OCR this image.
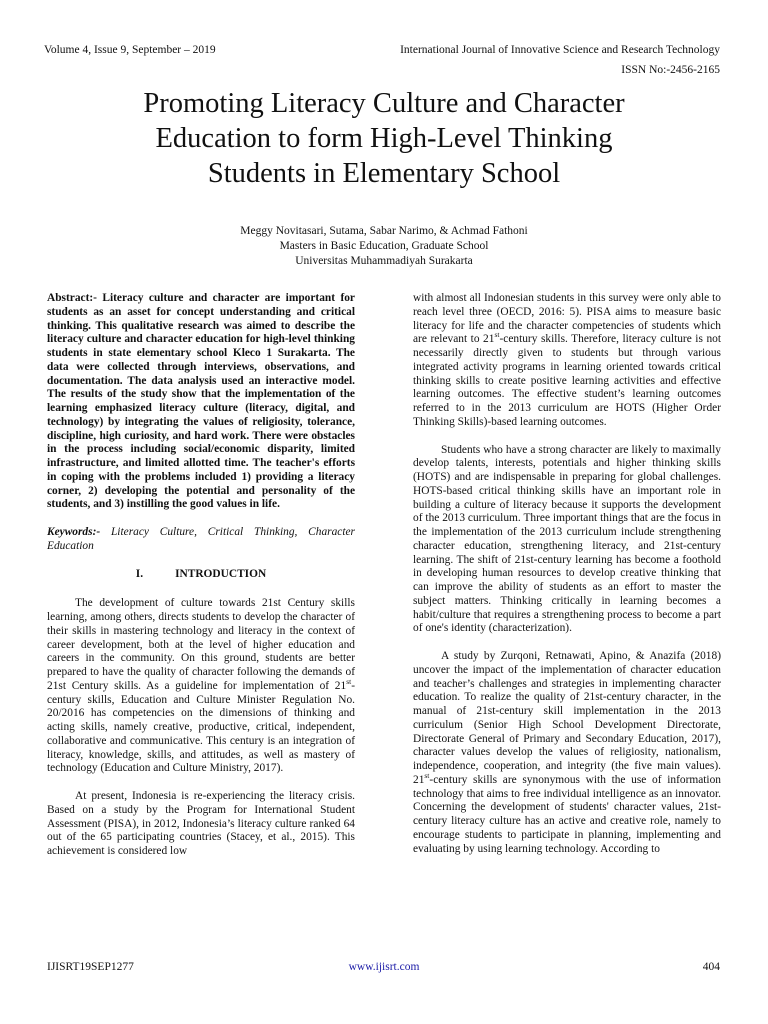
Volume 4, Issue 9, September – 2019	International Journal of Innovative Science and Research Technology
ISSN No:-2456-2165
Promoting Literacy Culture and Character
Education to form High-Level Thinking
Students in Elementary School
Meggy Novitasari, Sutama, Sabar Narimo, & Achmad Fathoni
Masters in Basic Education, Graduate School
Universitas Muhammadiyah Surakarta

Abstract:- Literacy culture and character are important for students as an asset for concept understanding and critical thinking. This qualitative research was aimed to describe the literacy culture and character education for high-level thinking students in state elementary school Kleco 1 Surakarta. The data were collected through interviews, observations, and documentation. The data analysis used an interactive model. The results of the study show that the implementation of the learning emphasized literacy culture (literacy, digital, and technology) by integrating the values of religiosity, tolerance, discipline, high curiosity, and hard work. There were obstacles in the process including social/economic disparity, limited infrastructure, and limited allotted time. The teacher's efforts in coping with the problems included 1) providing a literacy corner, 2) developing the potential and personality of the students, and 3) instilling the good values in life.

Keywords:- Literacy Culture, Critical Thinking, Character Education

I.	INTRODUCTION

The development of culture towards 21st Century skills learning, among others, directs students to develop the character of their skills in mastering technology and literacy in the context of career development, both at the level of higher education and careers in the community. On this ground, students are better prepared to have the quality of character following the demands of 21st Century skills. As a guideline for implementation of 21st-century skills, Education and Culture Minister Regulation No. 20/2016 has competencies on the dimensions of thinking and acting skills, namely creative, productive, critical, independent, collaborative and communicative. This century is an integration of literacy, knowledge, skills, and attitudes, as well as mastery of technology (Education and Culture Ministry, 2017).

At present, Indonesia is re-experiencing the literacy crisis. Based on a study by the Program for International Student Assessment (PISA), in 2012, Indonesia’s literacy culture ranked 64 out of the 65 participating countries (Stacey, et al., 2015). This achievement is considered low

with almost all Indonesian students in this survey were only able to reach level three (OECD, 2016: 5). PISA aims to measure basic literacy for life and the character competencies of students which are relevant to 21st-century skills. Therefore, literacy culture is not necessarily directly given to students but through various integrated activity programs in learning oriented towards critical thinking skills to create positive learning activities and effective learning outcomes. The effective student’s learning outcomes referred to in the 2013 curriculum are HOTS (Higher Order Thinking Skills)-based learning outcomes.

Students who have a strong character are likely to maximally develop talents, interests, potentials and higher thinking skills (HOTS) and are indispensable in preparing for global challenges. HOTS-based critical thinking skills have an important role in building a culture of literacy because it supports the development of the 2013 curriculum. Three important things that are the focus in the implementation of the 2013 curriculum include strengthening character education, strengthening literacy, and 21st-century learning. The shift of 21st-century learning has become a foothold in developing human resources to develop creative thinking that can improve the ability of students as an effort to master the subject matters. Thinking critically in learning becomes a habit/culture that requires a strengthening process to become a part of one's identity (characterization).

A study by Zurqoni, Retnawati, Apino, & Anazifa (2018) uncover the impact of the implementation of character education and teacher’s challenges and strategies in implementing character education. To realize the quality of 21st-century character, in the manual of 21st-century skill implementation in the 2013 curriculum (Senior High School Development Directorate, Directorate General of Primary and Secondary Education, 2017), character values develop the values of religiosity, nationalism, independence, cooperation, and integrity (the five main values). 21st-century skills are synonymous with the use of information technology that aims to free individual intelligence as an innovator. Concerning the development of students' character values, 21st-century literacy culture has an active and creative role, namely to encourage students to participate in planning, implementing and evaluating by using learning technology. According to

IJISRT19SEP1277	www.ijisrt.com	404
